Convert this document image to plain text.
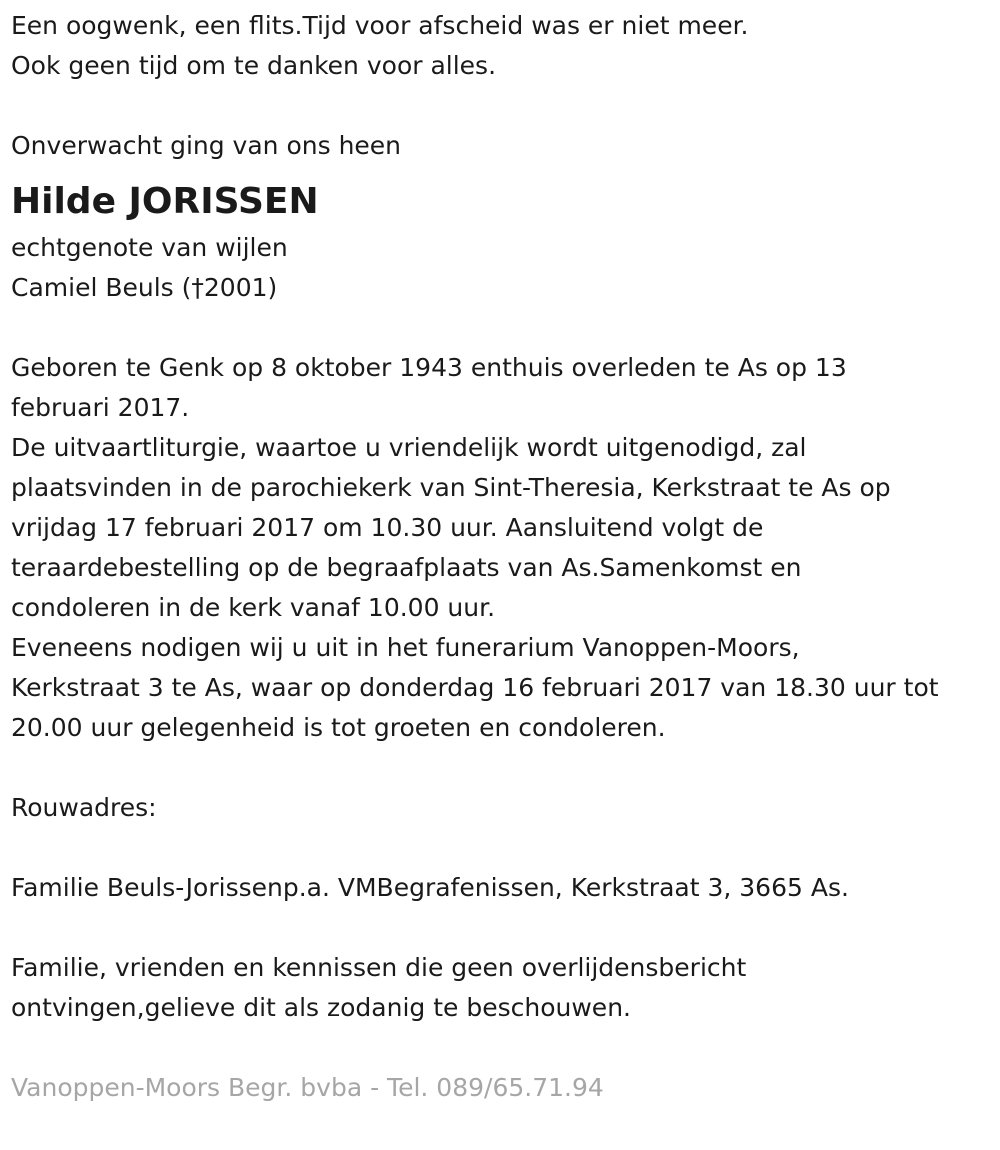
Een oogwenk, een flits.Tijd voor afscheid was er niet meer.
Ook geen tijd om te danken voor alles.
Onverwacht ging van ons heen
Hilde JORISSEN
echtgenote van wijlen
Camiel Beuls (†2001)
Geboren te Genk op 8 oktober 1943 enthuis overleden te As op 13
februari 2017.
De uitvaartliturgie, waartoe u vriendelijk wordt uitgenodigd, zal
plaatsvinden in de parochiekerk van Sint-Theresia, Kerkstraat te As op
vrijdag 17 februari 2017 om 10.30 uur. Aansluitend volgt de
teraardebestelling op de begraafplaats van As.Samenkomst en
condoleren in de kerk vanaf 10.00 uur.
Eveneens nodigen wij u uit in het funerarium Vanoppen-Moors,
Kerkstraat 3 te As, waar op donderdag 16 februari 2017 van 18.30 uur tot
20.00 uur gelegenheid is tot groeten en condoleren.
Rouwadres:
Familie Beuls-Jorissenp.a. VMBegrafenissen, Kerkstraat 3, 3665 As.
Familie, vrienden en kennissen die geen overlijdensbericht
ontvingen,gelieve dit als zodanig te beschouwen.
Vanoppen-Moors Begr. bvba - Tel. 089/65.71.94
